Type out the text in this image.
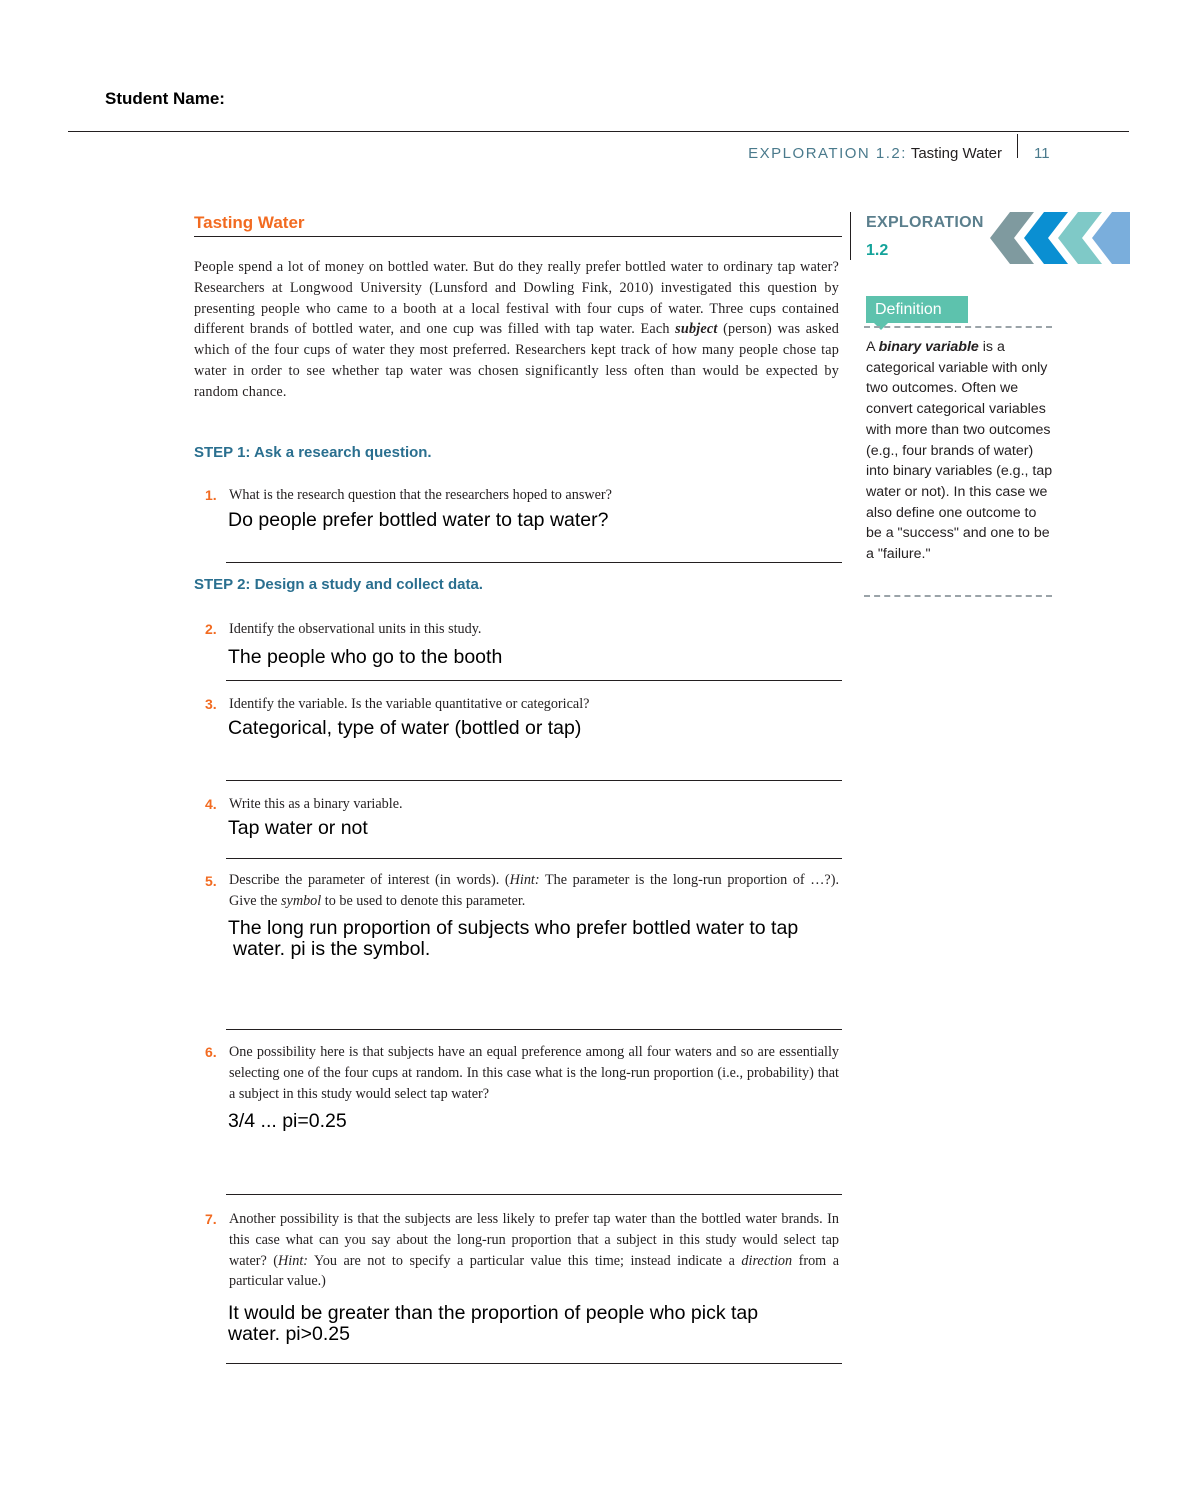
Student Name:
EXPLORATION 1.2: Tasting Water 11
Tasting Water
People spend a lot of money on bottled water. But do they really prefer bottled water to ordinary tap water? Researchers at Longwood University (Lunsford and Dowling Fink, 2010) investigated this question by presenting people who came to a booth at a local festival with four cups of water. Three cups contained different brands of bottled water, and one cup was filled with tap water. Each subject (person) was asked which of the four cups of water they most preferred. Researchers kept track of how many people chose tap water in order to see whether tap water was chosen significantly less often than would be expected by random chance.
STEP 1: Ask a research question.
1. What is the research question that the researchers hoped to answer?
Do people prefer bottled water to tap water?
STEP 2: Design a study and collect data.
2. Identify the observational units in this study.
The people who go to the booth
3. Identify the variable. Is the variable quantitative or categorical?
Categorical, type of water (bottled or tap)
4. Write this as a binary variable.
Tap water or not
5. Describe the parameter of interest (in words). (Hint: The parameter is the long-run proportion of …?). Give the symbol to be used to denote this parameter.
The long run proportion of subjects who prefer bottled water to tap
water. pi is the symbol.
6. One possibility here is that subjects have an equal preference among all four waters and so are essentially selecting one of the four cups at random. In this case what is the long-run proportion (i.e., probability) that a subject in this study would select tap water?
3/4 ... pi=0.25
7. Another possibility is that the subjects are less likely to prefer tap water than the bottled water brands. In this case what can you say about the long-run proportion that a subject in this study would select tap water? (Hint: You are not to specify a particular value this time; instead indicate a direction from a particular value.)
It would be greater than the proportion of people who pick tap
water. pi>0.25
EXPLORATION
1.2
Definition
A binary variable is a categorical variable with only two outcomes. Often we convert categorical variables with more than two outcomes (e.g., four brands of water) into binary variables (e.g., tap water or not). In this case we also define one outcome to be a "success" and one to be a "failure."
